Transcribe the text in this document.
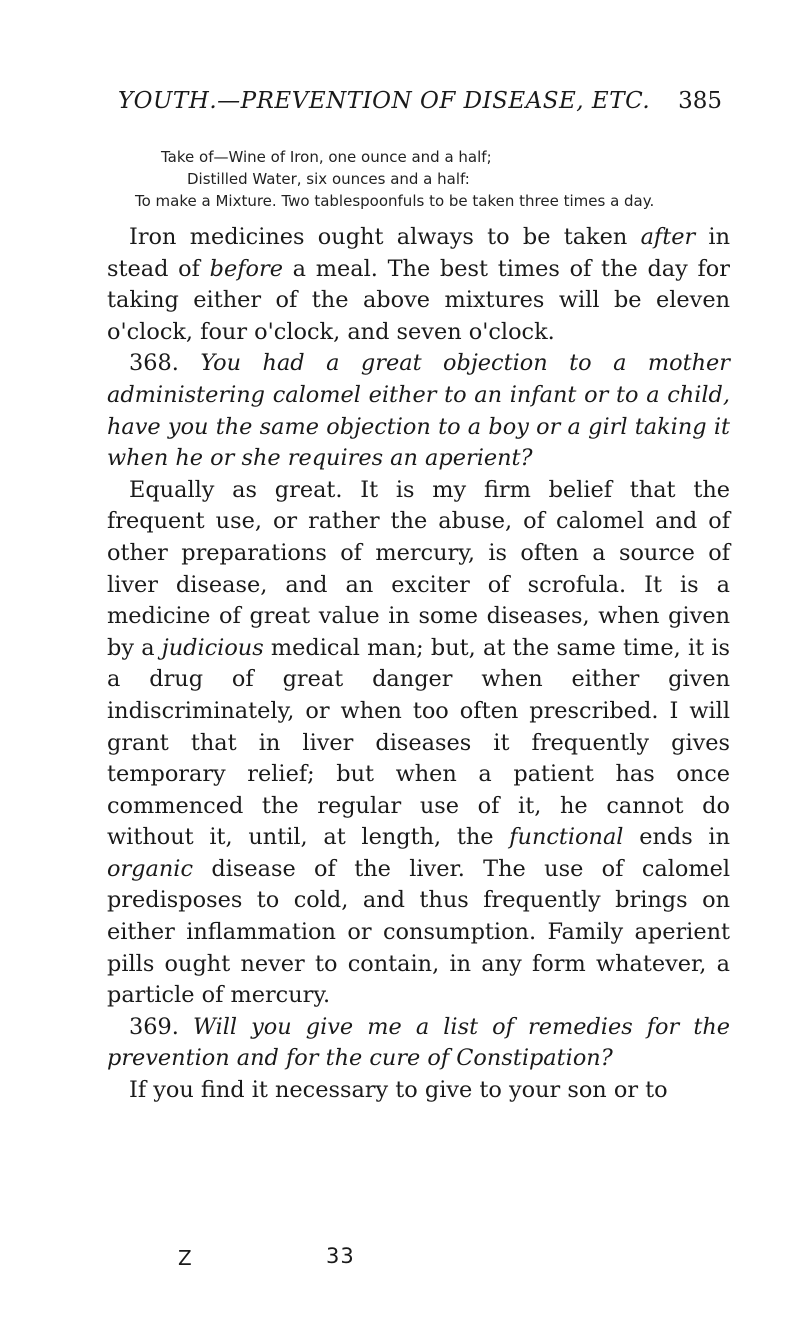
YOUTH.—PREVENTION OF DISEASE, ETC. 385
Take of—Wine of Iron, one ounce and a half;
Distilled Water, six ounces and a half:
To make a Mixture. Two tablespoonfuls to be taken three times a day.

Iron medicines ought always to be taken after in stead of before a meal. The best times of the day for taking either of the above mixtures will be eleven o'clock, four o'clock, and seven o'clock.

368. You had a great objection to a mother administering calomel either to an infant or to a child, have you the same objection to a boy or a girl taking it when he or she requires an aperient?

Equally as great. It is my firm belief that the frequent use, or rather the abuse, of calomel and of other preparations of mercury, is often a source of liver disease, and an exciter of scrofula. It is a medicine of great value in some diseases, when given by a judicious medical man; but, at the same time, it is a drug of great danger when either given indiscriminately, or when too often prescribed. I will grant that in liver diseases it frequently gives temporary relief; but when a patient has once commenced the regular use of it, he cannot do without it, until, at length, the functional ends in organic disease of the liver. The use of calomel predisposes to cold, and thus frequently brings on either inflammation or consumption. Family aperient pills ought never to contain, in any form whatever, a particle of mercury.

369. Will you give me a list of remedies for the prevention and for the cure of Constipation?

If you find it necessary to give to your son or to

Z	33
